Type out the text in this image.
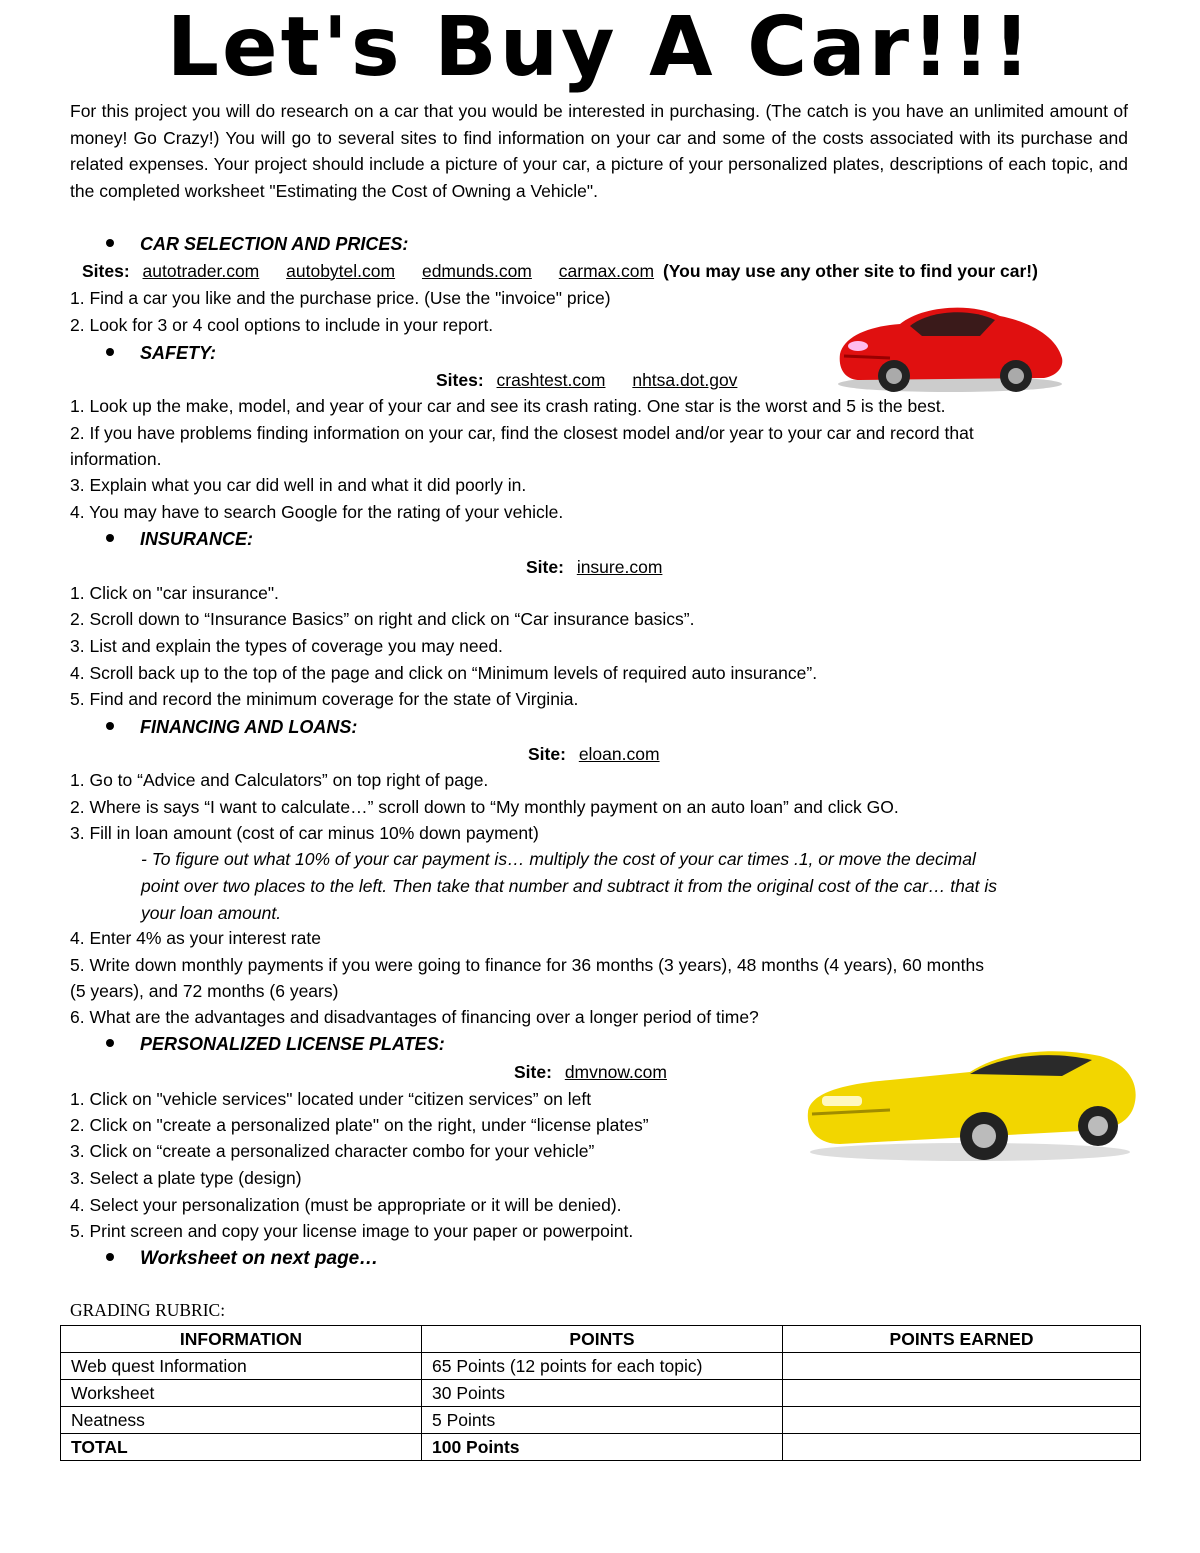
Let's Buy A Car!!!

For this project you will do research on a car that you would be interested in purchasing. (The catch is you have an unlimited amount of money! Go Crazy!) You will go to several sites to find information on your car and some of the costs associated with its purchase and related expenses. Your project should include a picture of your car, a picture of your personalized plates, descriptions of each topic, and the completed worksheet "Estimating the Cost of Owning a Vehicle".

CAR SELECTION AND PRICES:
Sites: autotrader.com autobytel.com edmunds.com carmax.com (You may use any other site to find your car!)
1. Find a car you like and the purchase price. (Use the "invoice" price)
2. Look for 3 or 4 cool options to include in your report.
SAFETY:
Sites: crashtest.com nhtsa.dot.gov
1. Look up the make, model, and year of your car and see its crash rating. One star is the worst and 5 is the best.
2. If you have problems finding information on your car, find the closest model and/or year to your car and record that
information.
3. Explain what you car did well in and what it did poorly in.
4. You may have to search Google for the rating of your vehicle.
INSURANCE:
Site: insure.com
1. Click on "car insurance".
2. Scroll down to “Insurance Basics” on right and click on “Car insurance basics”.
3. List and explain the types of coverage you may need.
4. Scroll back up to the top of the page and click on “Minimum levels of required auto insurance”.
5. Find and record the minimum coverage for the state of Virginia.
FINANCING AND LOANS:
Site: eloan.com
1. Go to “Advice and Calculators” on top right of page.
2. Where is says “I want to calculate…” scroll down to “My monthly payment on an auto loan” and click GO.
3. Fill in loan amount (cost of car minus 10% down payment)
- To figure out what 10% of your car payment is… multiply the cost of your car times .1, or move the decimal
point over two places to the left. Then take that number and subtract it from the original cost of the car… that is
your loan amount.
4. Enter 4% as your interest rate
5. Write down monthly payments if you were going to finance for 36 months (3 years), 48 months (4 years), 60 months
(5 years), and 72 months (6 years)
6. What are the advantages and disadvantages of financing over a longer period of time?
PERSONALIZED LICENSE PLATES:
Site: dmvnow.com
1. Click on "vehicle services" located under “citizen services” on left
2. Click on "create a personalized plate" on the right, under “license plates”
3. Click on “create a personalized character combo for your vehicle”
3. Select a plate type (design)
4. Select your personalization (must be appropriate or it will be denied).
5. Print screen and copy your license image to your paper or powerpoint.
Worksheet on next page…
GRADING RUBRIC:
INFORMATION	POINTS	POINTS EARNED
Web quest Information	65 Points (12 points for each topic)	
Worksheet	30 Points	
Neatness	5 Points	
TOTAL	100 Points	
